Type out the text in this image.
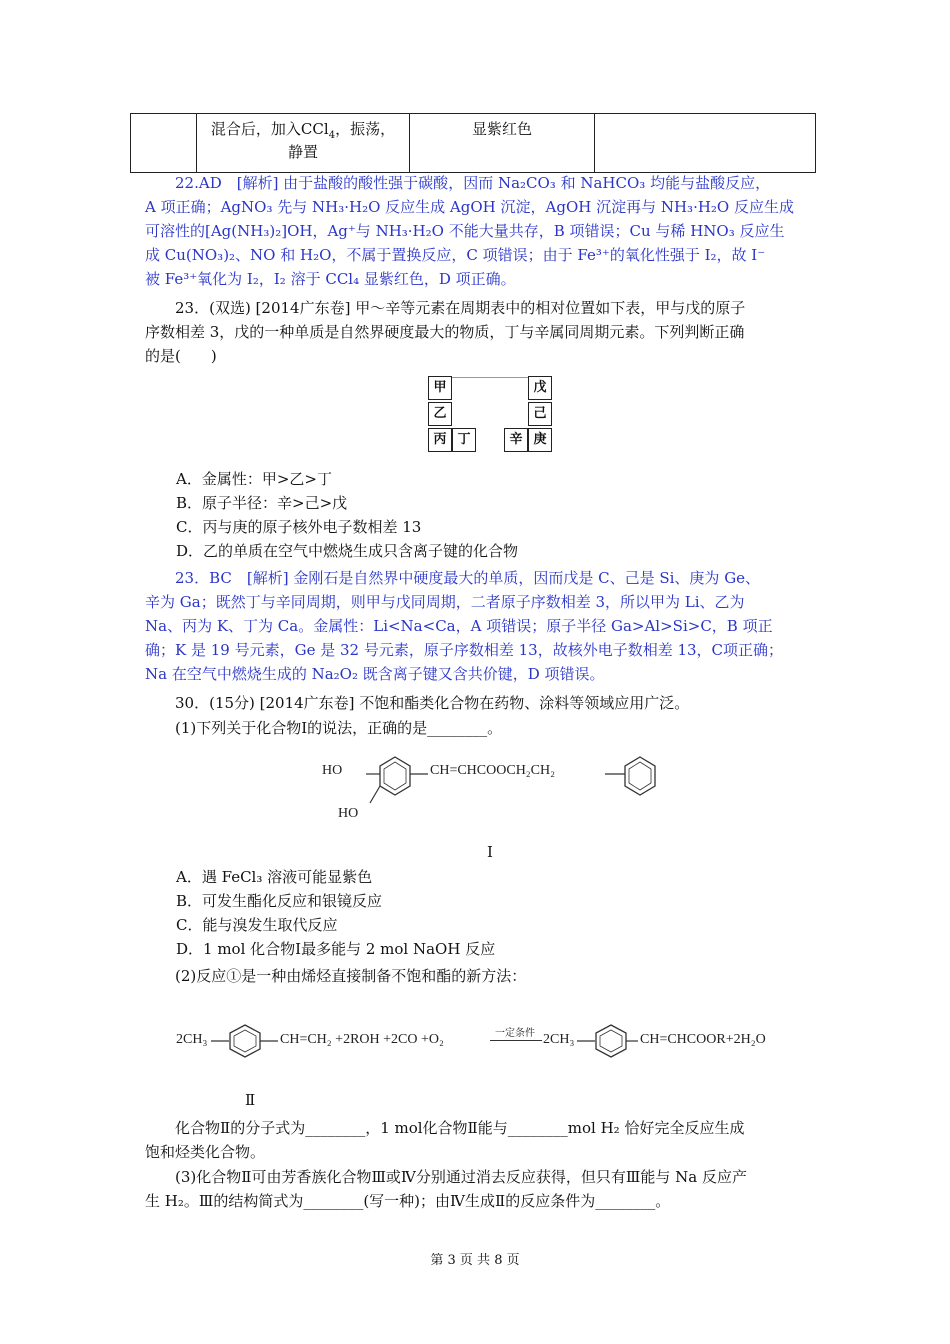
	混合后，加入CCl$_4$，振荡，
静置	显紫红色	
22.AD　[解析] 由于盐酸的酸性强于碳酸，因而 Na₂CO₃ 和 NaHCO₃ 均能与盐酸反应，
A 项正确；AgNO₃ 先与 NH₃·H₂O 反应生成 AgOH 沉淀，AgOH 沉淀再与 NH₃·H₂O 反应生成
可溶性的[Ag(NH₃)₂]OH，Ag⁺与 NH₃·H₂O 不能大量共存，B 项错误；Cu 与稀 HNO₃ 反应生
成 Cu(NO₃)₂、NO 和 H₂O，不属于置换反应，C 项错误；由于 Fe³⁺的氧化性强于 I₂，故 I⁻
被 Fe³⁺氧化为 I₂，I₂ 溶于 CCl₄ 显紫红色，D 项正确。
23．(双选) [2014广东卷] 甲～辛等元素在周期表中的相对位置如下表，甲与戊的原子
序数相差 3，戊的一种单质是自然界硬度最大的物质，丁与辛属同周期元素。下列判断正确
的是(　　)
甲	戊
乙	己
丙 丁	辛 庚
A．金属性：甲>乙>丁
B．原子半径：辛>己>戊
C．丙与庚的原子核外电子数相差 13
D．乙的单质在空气中燃烧生成只含离子键的化合物
23．BC　[解析] 金刚石是自然界中硬度最大的单质，因而戊是 C、己是 Si、庚为 Ge、
辛为 Ga；既然丁与辛同周期，则甲与戊同周期，二者原子序数相差 3，所以甲为 Li、乙为
Na、丙为 K、丁为 Ca。金属性：Li<Na<Ca，A 项错误；原子半径 Ga>Al>Si>C，B 项正
确；K 是 19 号元素，Ge 是 32 号元素，原子序数相差 13，故核外电子数相差 13，C项正确；
Na 在空气中燃烧生成的 Na₂O₂ 既含离子键又含共价键，D 项错误。
30．(15分) [2014广东卷] 不饱和酯类化合物在药物、涂料等领域应用广泛。
(1)下列关于化合物Ⅰ的说法，正确的是________。
HO
HO
CH=CHCOOCH₂CH₂
Ⅰ
A．遇 FeCl₃ 溶液可能显紫色
B．可发生酯化反应和银镜反应
C．能与溴发生取代反应
D．1 mol 化合物Ⅰ最多能与 2 mol NaOH 反应
(2)反应①是一种由烯烃直接制备不饱和酯的新方法：
2CH₃	CH=CH₂ +2ROH +2CO +O₂	一定条件 2CH₃	CH=CHCOOR+2H₂O
Ⅱ
化合物Ⅱ的分子式为________，1 mol化合物Ⅱ能与________mol H₂ 恰好完全反应生成
饱和烃类化合物。
(3)化合物Ⅱ可由芳香族化合物Ⅲ或Ⅳ分别通过消去反应获得，但只有Ⅲ能与 Na 反应产
生 H₂。Ⅲ的结构简式为________(写一种)；由Ⅳ生成Ⅱ的反应条件为________。
第 3 页 共 8 页
